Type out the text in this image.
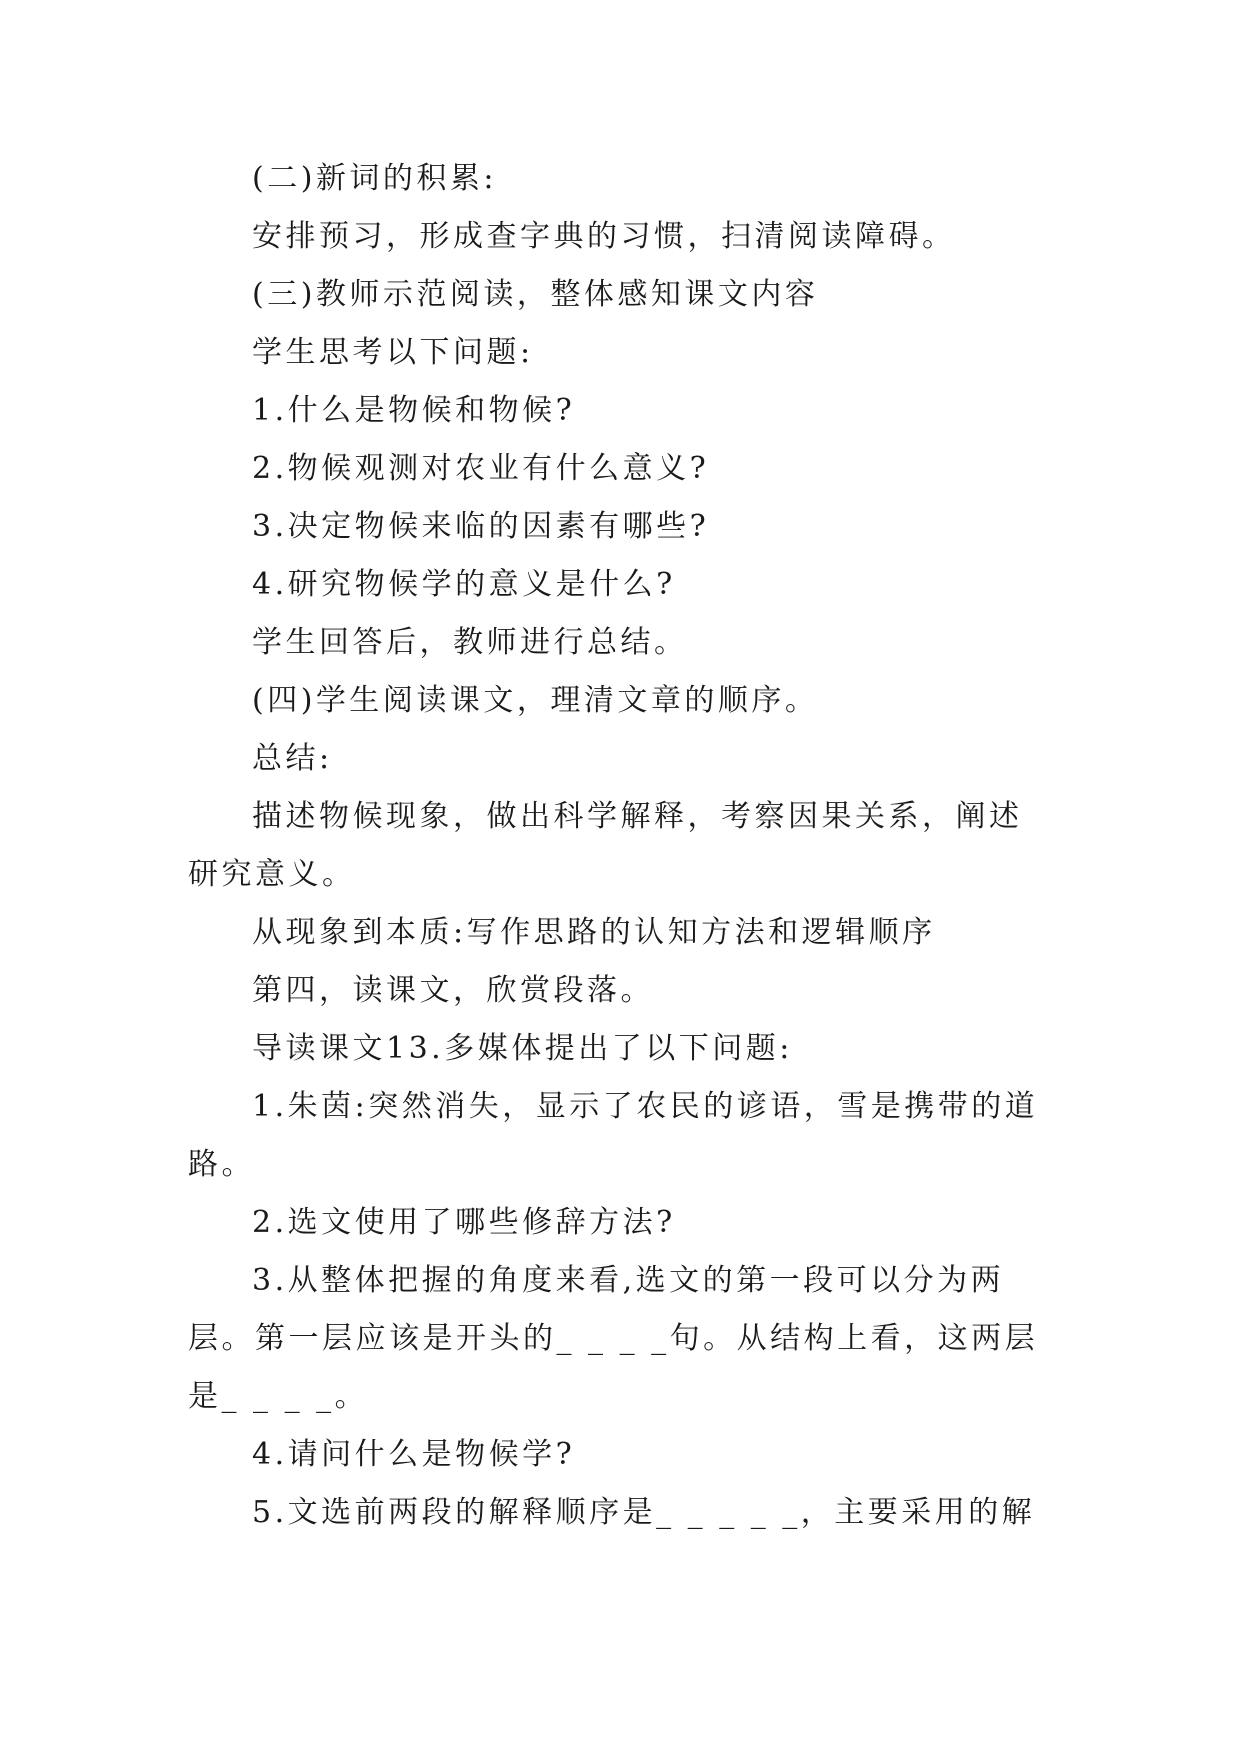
(二)新词的积累:

安排预习，形成查字典的习惯，扫清阅读障碍。

(三)教师示范阅读，整体感知课文内容

学生思考以下问题:

1.什么是物候和物候?

2.物候观测对农业有什么意义?

3.决定物候来临的因素有哪些?

4.研究物候学的意义是什么?

学生回答后，教师进行总结。

(四)学生阅读课文，理清文章的顺序。

总结:

描述物候现象，做出科学解释，考察因果关系，阐述研究意义。

从现象到本质:写作思路的认知方法和逻辑顺序

第四，读课文，欣赏段落。

导读课文13.多媒体提出了以下问题:

1.朱茵:突然消失，显示了农民的谚语，雪是携带的道路。

2.选文使用了哪些修辞方法?

3.从整体把握的角度来看,选文的第一段可以分为两层。第一层应该是开头的_ _ _ _句。从结构上看，这两层是_ _ _ _。

4.请问什么是物候学?

5.文选前两段的解释顺序是_ _ _ _ _，主要采用的解
